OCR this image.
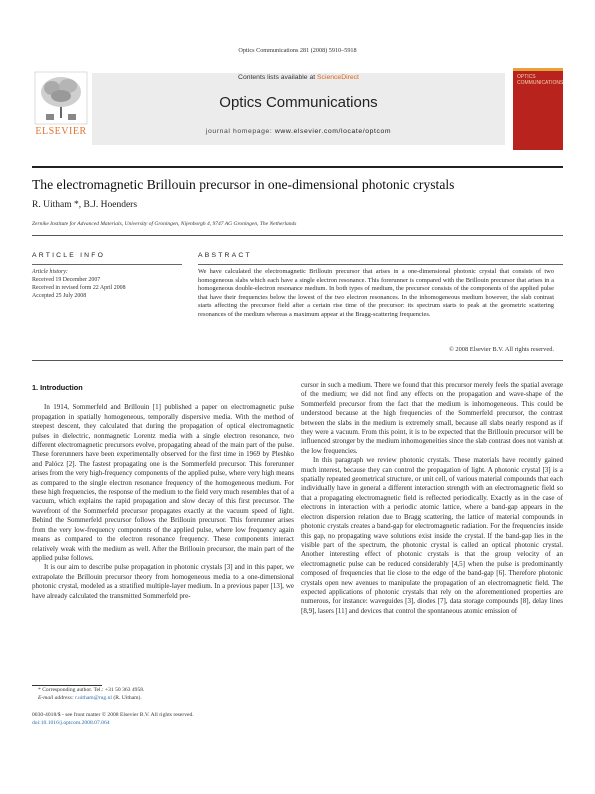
Optics Communications 281 (2008) 5910–5918
ELSEVIER
Contents lists available at ScienceDirect
Optics Communications
journal homepage: www.elsevier.com/locate/optcom
OPTICS
COMMUNICATIONS
The electromagnetic Brillouin precursor in one-dimensional photonic crystals
R. Uitham *, B.J. Hoenders
Zernike Institute for Advanced Materials, University of Groningen, Nijenborgh 4, 9747 AG Groningen, The Netherlands
ARTICLE INFO
Article history:
Received 19 December 2007
Received in revised form 22 April 2008
Accepted 25 July 2008
ABSTRACT
We have calculated the electromagnetic Brillouin precursor that arises in a one-dimensional photonic crystal that consists of two homogeneous slabs which each have a single electron resonance. This forerunner is compared with the Brillouin precursor that arises in a homogeneous double-electron resonance medium. In both types of medium, the precursor consists of the components of the applied pulse that have their frequencies below the lowest of the two electron resonances. In the inhomogeneous medium however, the slab contrast starts affecting the precursor field after a certain rise time of the precursor: its spectrum starts to peak at the geometric scattering resonances of the medium whereas a maximum appear at the Bragg-scattering frequencies.
© 2008 Elsevier B.V. All rights reserved.
1. Introduction

In 1914, Sommerfeld and Brillouin [1] published a paper on electromagnetic pulse propagation in spatially homogeneous, temporally dispersive media. With the method of steepest descent, they calculated that during the propagation of optical electromagnetic pulses in dielectric, nonmagnetic Lorentz media with a single electron resonance, two different electromagnetic precursors evolve, propagating ahead of the main part of the pulse. These forerunners have been experimentally observed for the first time in 1969 by Pleshko and Palócz [2]. The fastest propagating one is the Sommerfeld precursor. This forerunner arises from the very high-frequency components of the applied pulse, where very high means as compared to the single electron resonance frequency of the homogeneous medium. For these high frequencies, the response of the medium to the field very much resembles that of a vacuum, which explains the rapid propagation and slow decay of this first precursor. The wavefront of the Sommerfeld precursor propagates exactly at the vacuum speed of light. Behind the Sommerfeld precursor follows the Brillouin precursor. This forerunner arises from the very low-frequency components of the applied pulse, where low frequency again means as compared to the electron resonance frequency. These components interact relatively weak with the medium as well. After the Brillouin precursor, the main part of the applied pulse follows.

It is our aim to describe pulse propagation in photonic crystals [3] and in this paper, we extrapolate the Brillouin precursor theory from homogeneous media to a one-dimensional photonic crystal, modeled as a stratified multiple-layer medium. In a previous paper [13], we have already calculated the transmitted Sommerfeld pre-

cursor in such a medium. There we found that this precursor merely feels the spatial average of the medium; we did not find any effects on the propagation and wave-shape of the Sommerfeld precursor from the fact that the medium is inhomogeneous. This could be understood because at the high frequencies of the Sommerfeld precursor, the contrast between the slabs in the medium is extremely small, because all slabs nearly respond as if they were a vacuum. From this point, it is to be expected that the Brillouin precursor will be influenced stronger by the medium inhomogeneities since the slab contrast does not vanish at the low frequencies.

In this paragraph we review photonic crystals. These materials have recently gained much interest, because they can control the propagation of light. A photonic crystal [3] is a spatially repeated geometrical structure, or unit cell, of various material compounds that each individually have in general a different interaction strength with an electromagnetic field so that a propagating electromagnetic field is reflected periodically. Exactly as in the case of electrons in interaction with a periodic atomic lattice, where a band-gap appears in the electron dispersion relation due to Bragg scattering, the lattice of material compounds in photonic crystals creates a band-gap for electromagnetic radiation. For the frequencies inside this gap, no propagating wave solutions exist inside the crystal. If the band-gap lies in the visible part of the spectrum, the photonic crystal is called an optical photonic crystal. Another interesting effect of photonic crystals is that the group velocity of an electromagnetic pulse can be reduced considerably [4,5] when the pulse is predominantly composed of frequencies that lie close to the edge of the band-gap [6]. Therefore photonic crystals open new avenues to manipulate the propagation of an electromagnetic field. The expected applications of photonic crystals that rely on the aforementioned properties are numerous, for instance: waveguides [3], diodes [7], data storage compounds [8], delay lines [8,9], lasers [11] and devices that control the spontaneous atomic emission of

* Corresponding author. Tel.: +31 50 363 4958.
E-mail address: r.uitham@rug.nl (R. Uitham).
0030-4018/$ - see front matter © 2008 Elsevier B.V. All rights reserved.
doi:10.1016/j.optcom.2008.07.064
